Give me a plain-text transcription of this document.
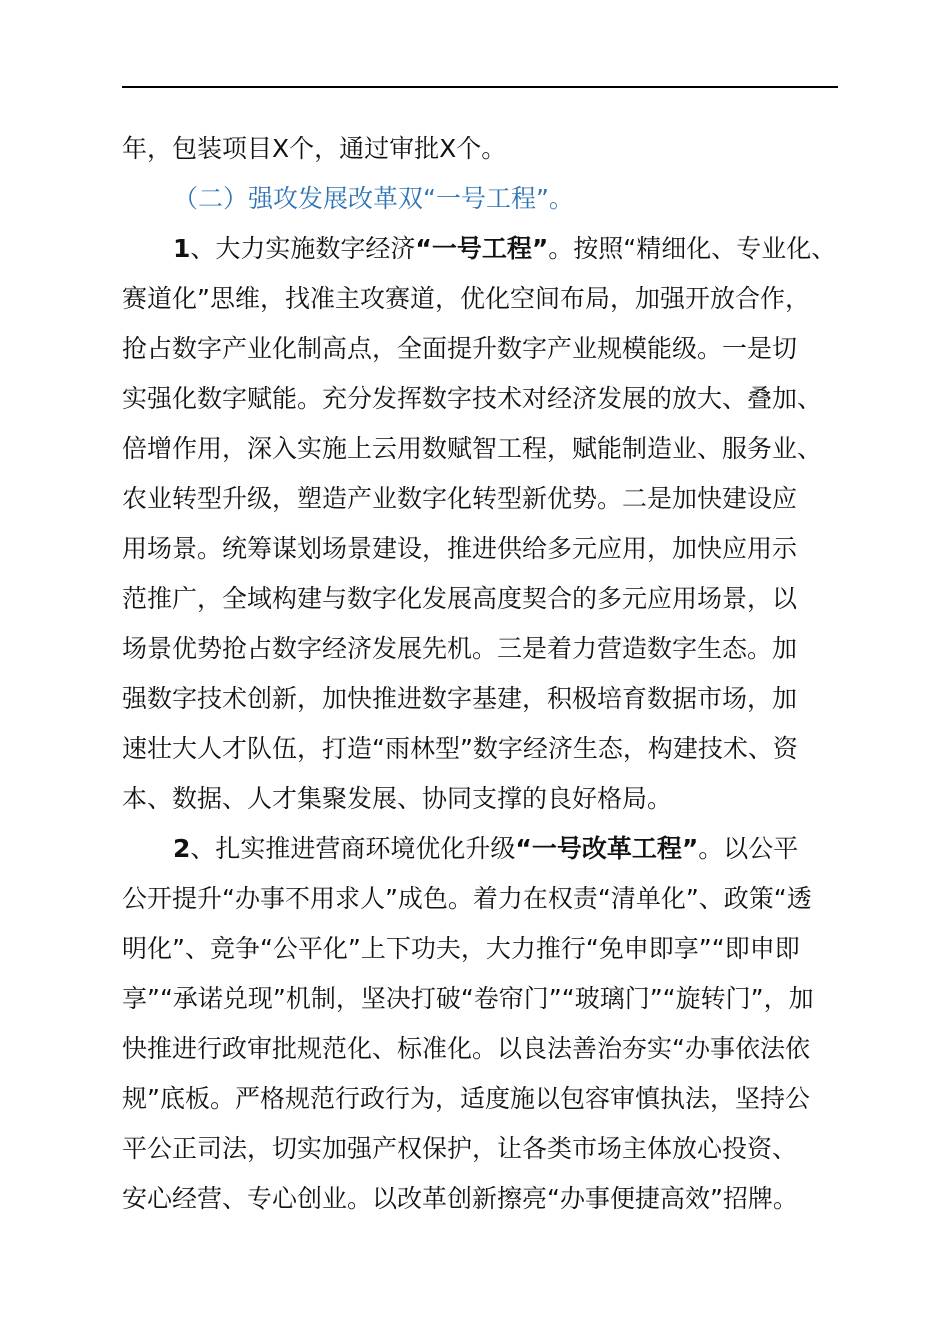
年，包装项目X个，通过审批X个。
（二）强攻发展改革双“一号工程”。
1、大力实施数字经济“一号工程”。按照“精细化、专业化、
赛道化”思维，找准主攻赛道，优化空间布局，加强开放合作，
抢占数字产业化制高点，全面提升数字产业规模能级。一是切
实强化数字赋能。充分发挥数字技术对经济发展的放大、叠加、
倍增作用，深入实施上云用数赋智工程，赋能制造业、服务业、
农业转型升级，塑造产业数字化转型新优势。二是加快建设应
用场景。统筹谋划场景建设，推进供给多元应用，加快应用示
范推广，全域构建与数字化发展高度契合的多元应用场景，以
场景优势抢占数字经济发展先机。三是着力营造数字生态。加
强数字技术创新，加快推进数字基建，积极培育数据市场，加
速壮大人才队伍，打造“雨林型”数字经济生态，构建技术、资
本、数据、人才集聚发展、协同支撑的良好格局。
2、扎实推进营商环境优化升级“一号改革工程”。以公平
公开提升“办事不用求人”成色。着力在权责“清单化”、政策“透
明化”、竞争“公平化”上下功夫，大力推行“免申即享”“即申即
享”“承诺兑现”机制，坚决打破“卷帘门”“玻璃门”“旋转门”，加
快推进行政审批规范化、标准化。以良法善治夯实“办事依法依
规”底板。严格规范行政行为，适度施以包容审慎执法，坚持公
平公正司法，切实加强产权保护，让各类市场主体放心投资、
安心经营、专心创业。以改革创新擦亮“办事便捷高效”招牌。
